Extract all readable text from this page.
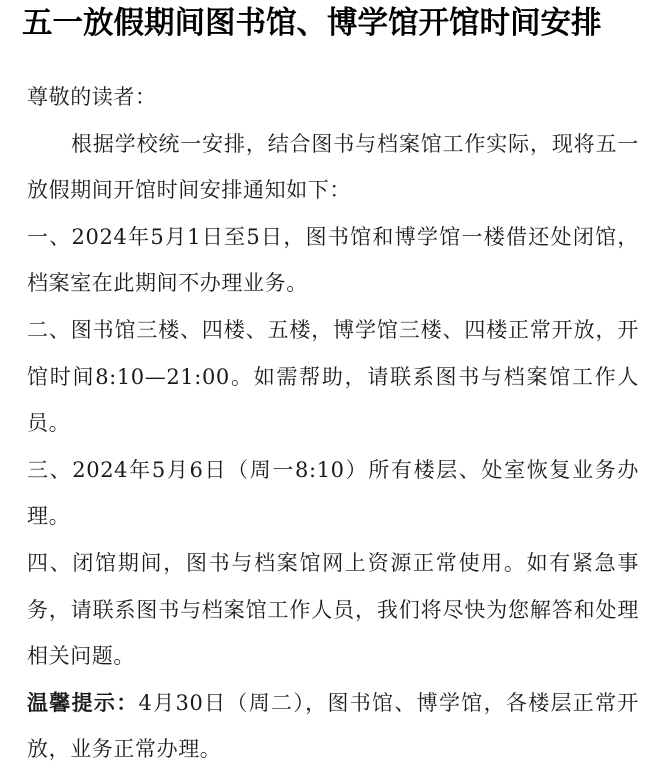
五一放假期间图书馆、博学馆开馆时间安排

尊敬的读者：

根据学校统一安排，结合图书与档案馆工作实际，现将五一放假期间开馆时间安排通知如下：

一、2024年5月1日至5日，图书馆和博学馆一楼借还处闭馆，档案室在此期间不办理业务。

二、图书馆三楼、四楼、五楼，博学馆三楼、四楼正常开放，开馆时间8:10—21:00。如需帮助，请联系图书与档案馆工作人员。

三、2024年5月6日（周一8:10）所有楼层、处室恢复业务办理。

四、闭馆期间，图书与档案馆网上资源正常使用。如有紧急事务，请联系图书与档案馆工作人员，我们将尽快为您解答和处理相关问题。

温馨提示：4月30日（周二），图书馆、博学馆，各楼层正常开放，业务正常办理。
